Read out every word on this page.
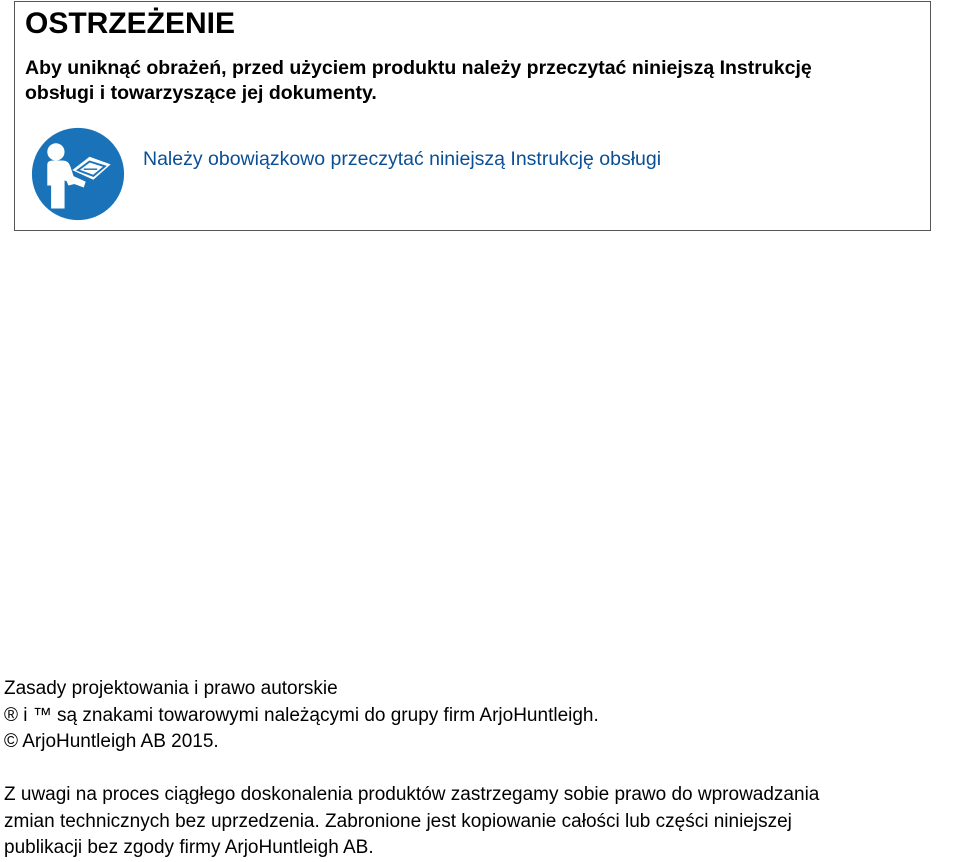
OSTRZEŻENIE
Aby uniknąć obrażeń, przed użyciem produktu należy przeczytać niniejszą Instrukcję
obsługi i towarzyszące jej dokumenty.
Należy obowiązkowo przeczytać niniejszą Instrukcję obsługi
Zasady projektowania i prawo autorskie
® i ™ są znakami towarowymi należącymi do grupy firm ArjoHuntleigh.
© ArjoHuntleigh AB 2015.
Z uwagi na proces ciągłego doskonalenia produktów zastrzegamy sobie prawo do wprowadzania
zmian technicznych bez uprzedzenia. Zabronione jest kopiowanie całości lub części niniejszej
publikacji bez zgody firmy ArjoHuntleigh AB.
